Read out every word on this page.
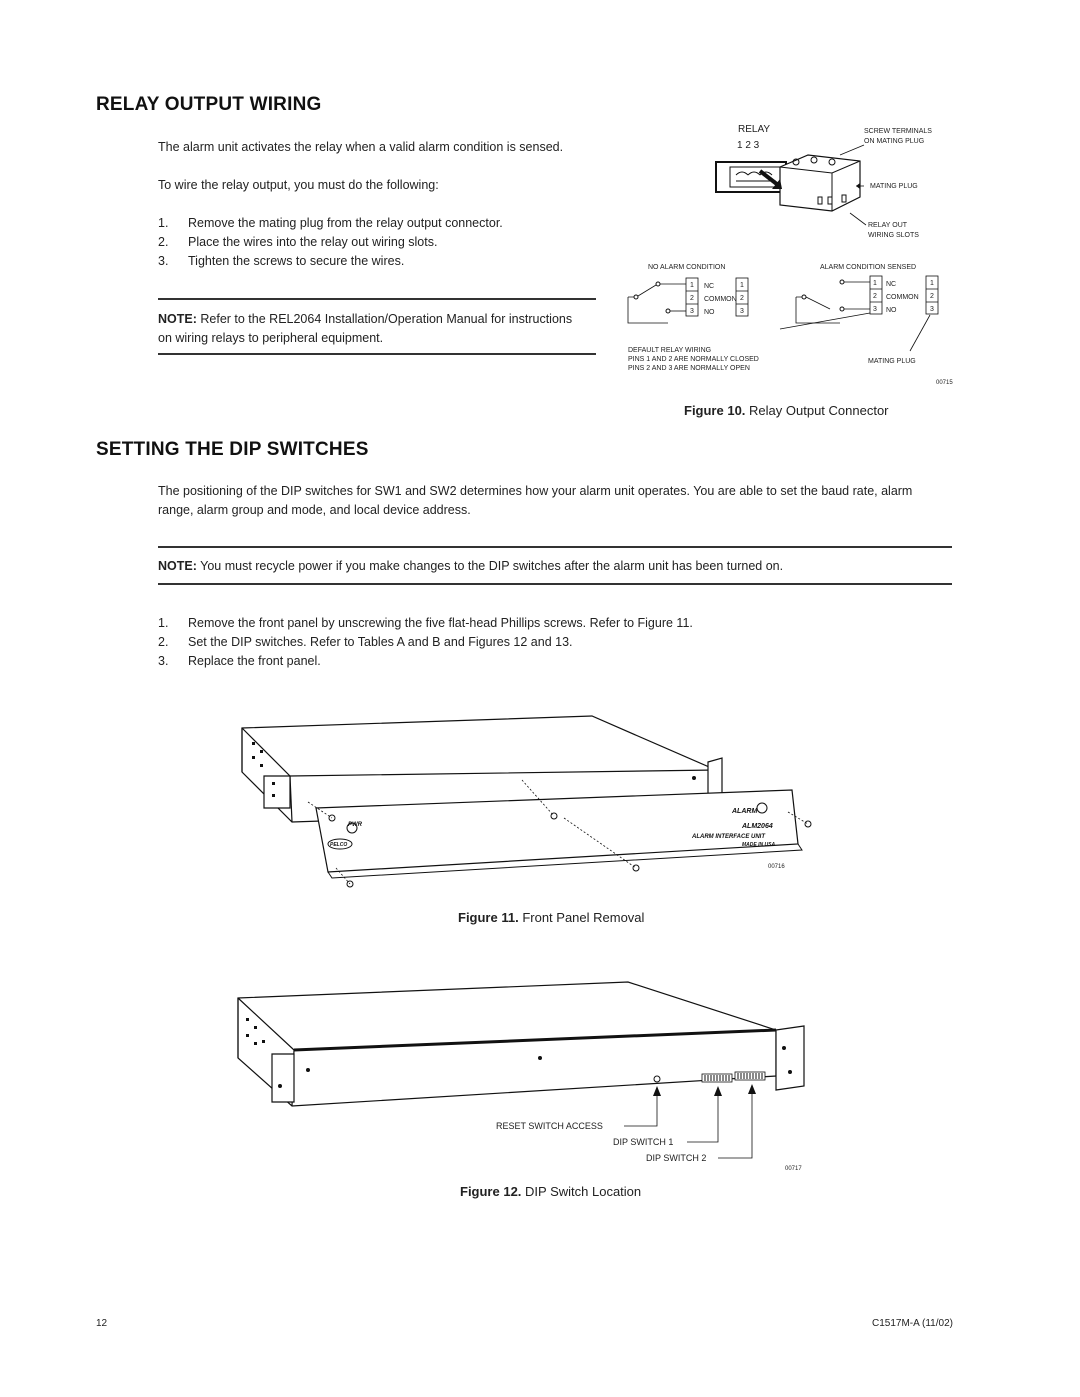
RELAY OUTPUT WIRING

The alarm unit activates the relay when a valid alarm condition is sensed.

To wire the relay output, you must do the following:

1. Remove the mating plug from the relay output connector.
2. Place the wires into the relay out wiring slots.
3. Tighten the screws to secure the wires.
NOTE: Refer to the REL2064 Installation/Operation Manual for instructions
on wiring relays to peripheral equipment.
RELAY
1 2 3
SCREW TERMINALS
ON MATING PLUG
MATING PLUG
RELAY OUT
WIRING SLOTS
NO ALARM CONDITION	ALARM CONDITION SENSED
1
2
3
NC
COMMON
NO
1
2
3
1
2
3
NC
COMMON
NO
1
2
3
DEFAULT RELAY WIRING
PINS 1 AND 2 ARE NORMALLY CLOSED
PINS 2 AND 3 ARE NORMALLY OPEN
MATING PLUG
00715
Figure 10. Relay Output Connector
SETTING THE DIP SWITCHES

The positioning of the DIP switches for SW1 and SW2 determines how your alarm unit operates. You are able to set the baud rate, alarm
range, alarm group and mode, and local device address.

NOTE: You must recycle power if you make changes to the DIP switches after the alarm unit has been turned on.
1. Remove the front panel by unscrewing the five flat-head Phillips screws. Refer to Figure 11.
2. Set the DIP switches. Refer to Tables A and B and Figures 12 and 13.
3. Replace the front panel.
ALARM
ALM2064
ALARM INTERFACE UNIT
MADE IN USA
PWR
PELCO
00716
Figure 11. Front Panel Removal
RESET SWITCH ACCESS
DIP SWITCH 1
DIP SWITCH 2
00717
Figure 12. DIP Switch Location
12	C1517M-A (11/02)
